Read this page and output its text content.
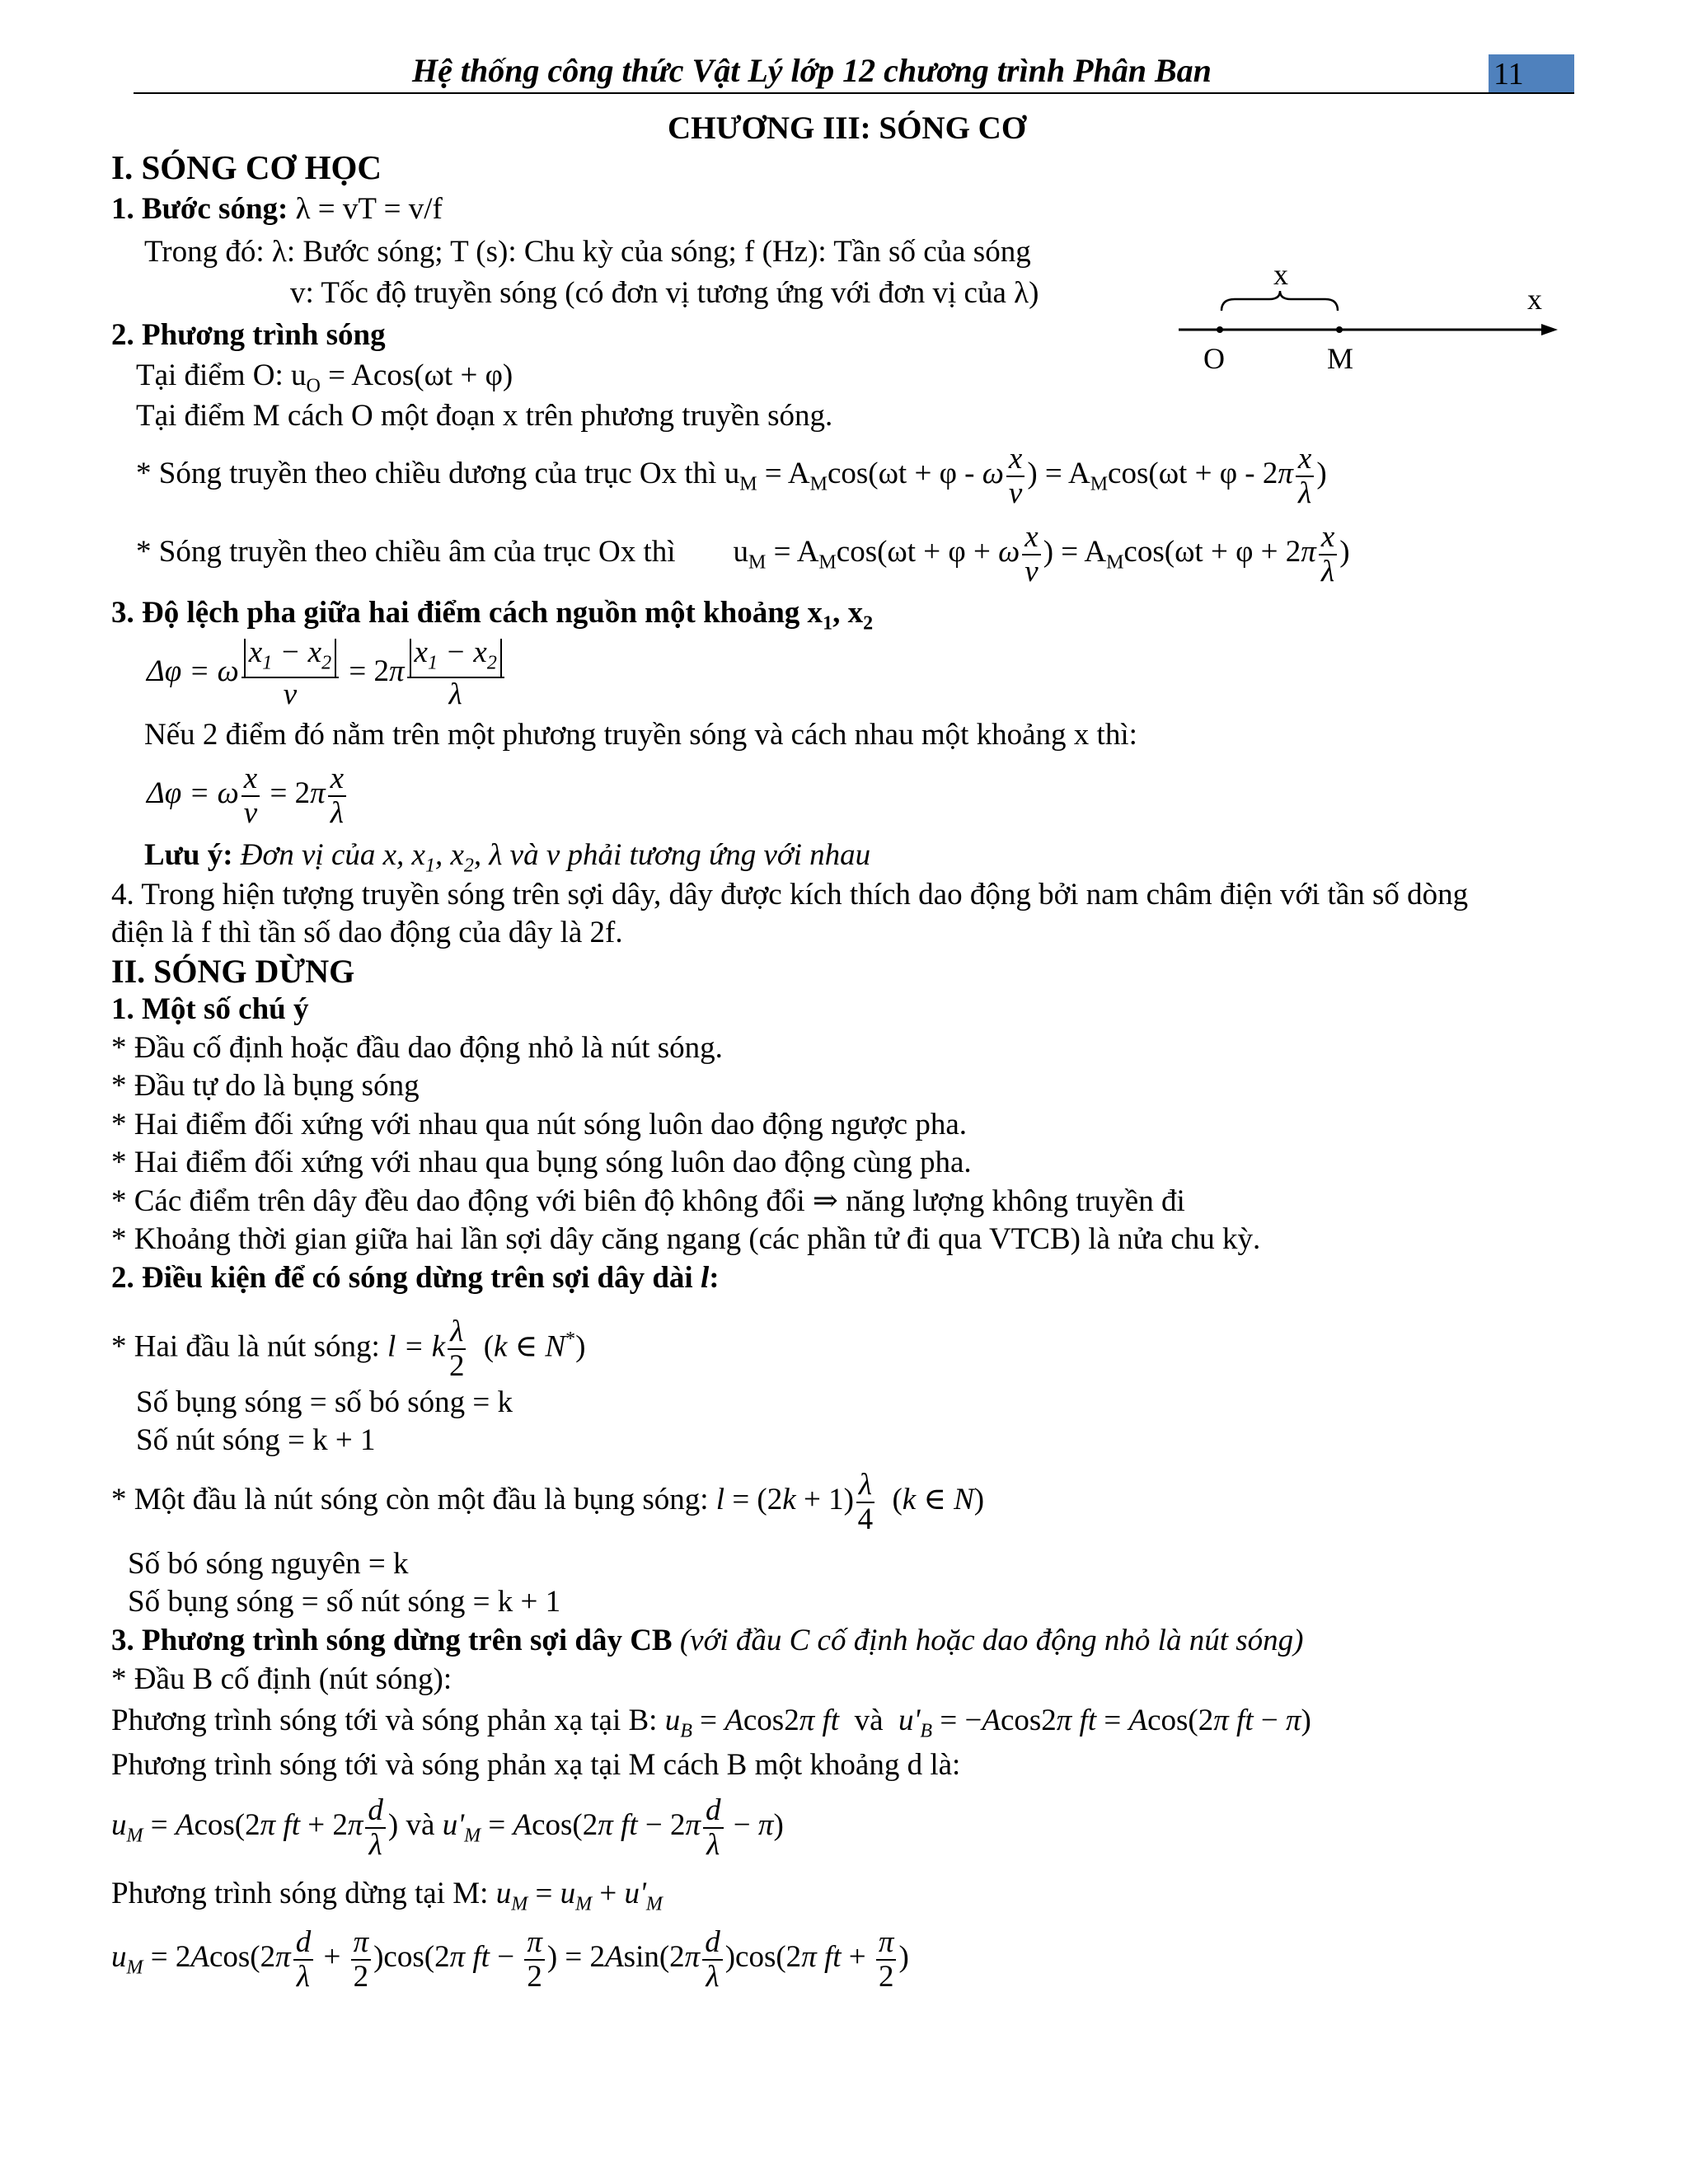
Hệ thống công thức Vật Lý lớp 12 chương trình Phân Ban	11
CHƯƠNG III: SÓNG CƠ
I. SÓNG CƠ HỌC
1. Bước sóng: λ = vT = v/f
Trong đó: λ: Bước sóng; T (s): Chu kỳ của sóng; f (Hz): Tần số của sóng
v: Tốc độ truyền sóng (có đơn vị tương ứng với đơn vị của λ)
2. Phương trình sóng
Tại điểm O: $u_O = Acos(\omega t + \varphi)$
Tại điểm M cách O một đoạn x trên phương truyền sóng.
x
x
O	M
* Sóng truyền theo chiều dương của trục Ox thì $u_M = A_M\cos(\omega t + \varphi - \omega \frac{x}{v}$ ) = $A_M\cos(\omega t + \varphi - 2\pi \frac{x}{\lambda}$ )
* Sóng truyền theo chiều âm của trục Ox thì $u_M = A_M\cos(\omega t + \varphi + \omega \frac{x}{v}$ ) = $A_M\cos(\omega t + \varphi + 2\pi \frac{x}{\lambda}$ )
3. Độ lệch pha giữa hai điểm cách nguồn một khoảng $x_1$, $x_2$
Δφ = ω $\frac{x_1 - x_2}{v} = 2\pi \frac{x_1 - x_2}{\lambda}$
Nếu 2 điểm đó nằm trên một phương truyền sóng và cách nhau một khoảng x thì:
Δφ = ω $\frac{x}{v} = 2\pi \frac{x}{\lambda}$
Lưu ý: Đơn vị của x, $x_1$, $x_2$, λ và v phải tương ứng với nhau
4. Trong hiện tượng truyền sóng trên sợi dây, dây được kích thích dao động bởi nam châm điện với tần số dòng
điện là f thì tần số dao động của dây là 2f.
II. SÓNG DỪNG
1. Một số chú ý
* Đầu cố định hoặc đầu dao động nhỏ là nút sóng.
* Đầu tự do là bụng sóng
* Hai điểm đối xứng với nhau qua nút sóng luôn dao động ngược pha.
* Hai điểm đối xứng với nhau qua bụng sóng luôn dao động cùng pha.
* Các điểm trên dây đều dao động với biên độ không đổi ⇒ năng lượng không truyền đi
* Khoảng thời gian giữa hai lần sợi dây căng ngang (các phần tử đi qua VTCB) là nửa chu kỳ.
2. Điều kiện để có sóng dừng trên sợi dây dài l:
* Hai đầu là nút sóng: l = k $\frac{\lambda}{2} (k$ ∈ N*)
Số bụng sóng = số bó sóng = k
Số nút sóng = k + 1
* Một đầu là nút sóng còn một đầu là bụng sóng: $l = (2k + 1) \frac{\lambda}{4} (k$ ∈ N)
Số bó sóng nguyên = k
Số bụng sóng = số nút sóng = k + 1
3. Phương trình sóng dừng trên sợi dây CB (với đầu C cố định hoặc dao động nhỏ là nút sóng)
* Đầu B cố định (nút sóng):
Phương trình sóng tới và sóng phản xạ tại B: $u_B = Acos2\pi$ ft và $u'_B = -Acos2\pi$ ft = Acos(2π ft − π)
Phương trình sóng tới và sóng phản xạ tại M cách B một khoảng d là:
$u_M = Acos(2\pi$ ft + $2\pi \frac{d}{\lambda}$ ) và $u'_M = Acos(2\pi$ ft − $2\pi \frac{d}{\lambda} - \pi$)
Phương trình sóng dừng tại M: $u_M = u_M + u'_M$
$u_M = 2Acos(2\pi \frac{d}{\lambda} + \frac{\pi}{2} )\cos(2\pi$ ft − $\frac{\pi}{2}$ ) = $2Asin(2\pi \frac{d}{\lambda} )\cos(2\pi$ ft + $\frac{\pi}{2}$ )
